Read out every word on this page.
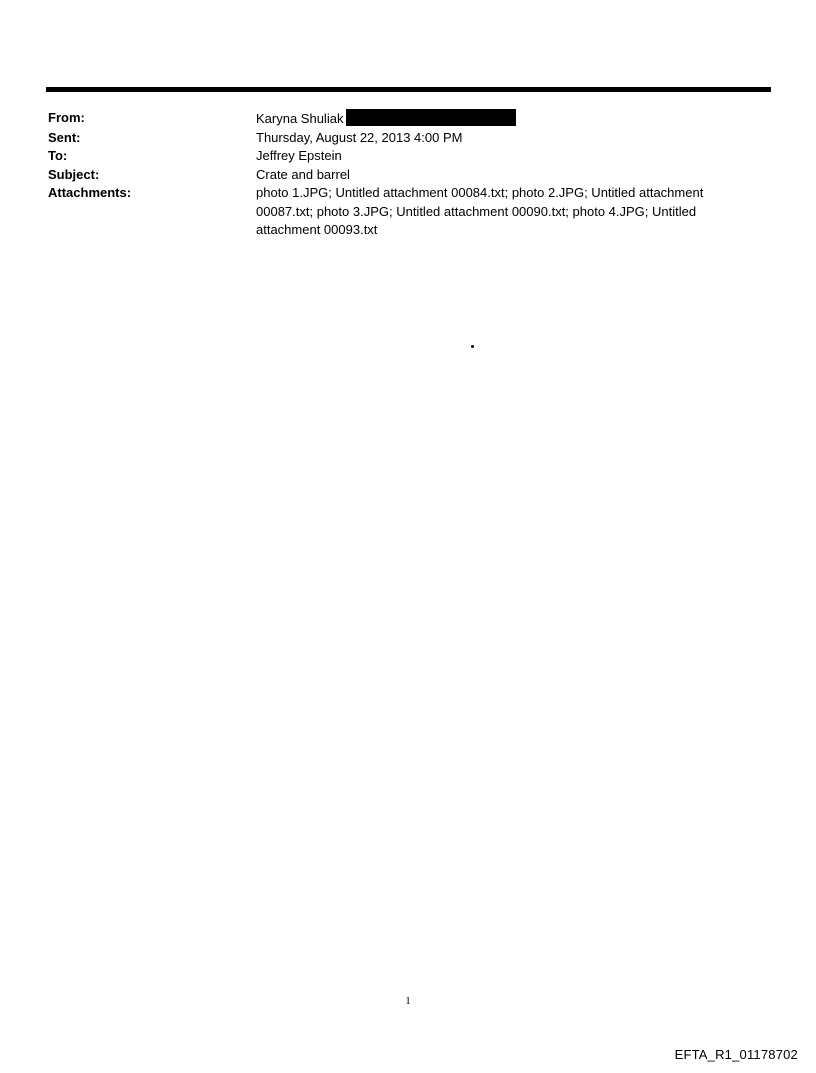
From:	Karyna Shuliak
Sent:	Thursday, August 22, 2013 4:00 PM
To:	Jeffrey Epstein
Subject:	Crate and barrel
Attachments:	photo 1.JPG; Untitled attachment 00084.txt; photo 2.JPG; Untitled attachment 00087.txt; photo 3.JPG; Untitled attachment 00090.txt; photo 4.JPG; Untitled attachment 00093.txt
1
EFTA_R1_01178702
